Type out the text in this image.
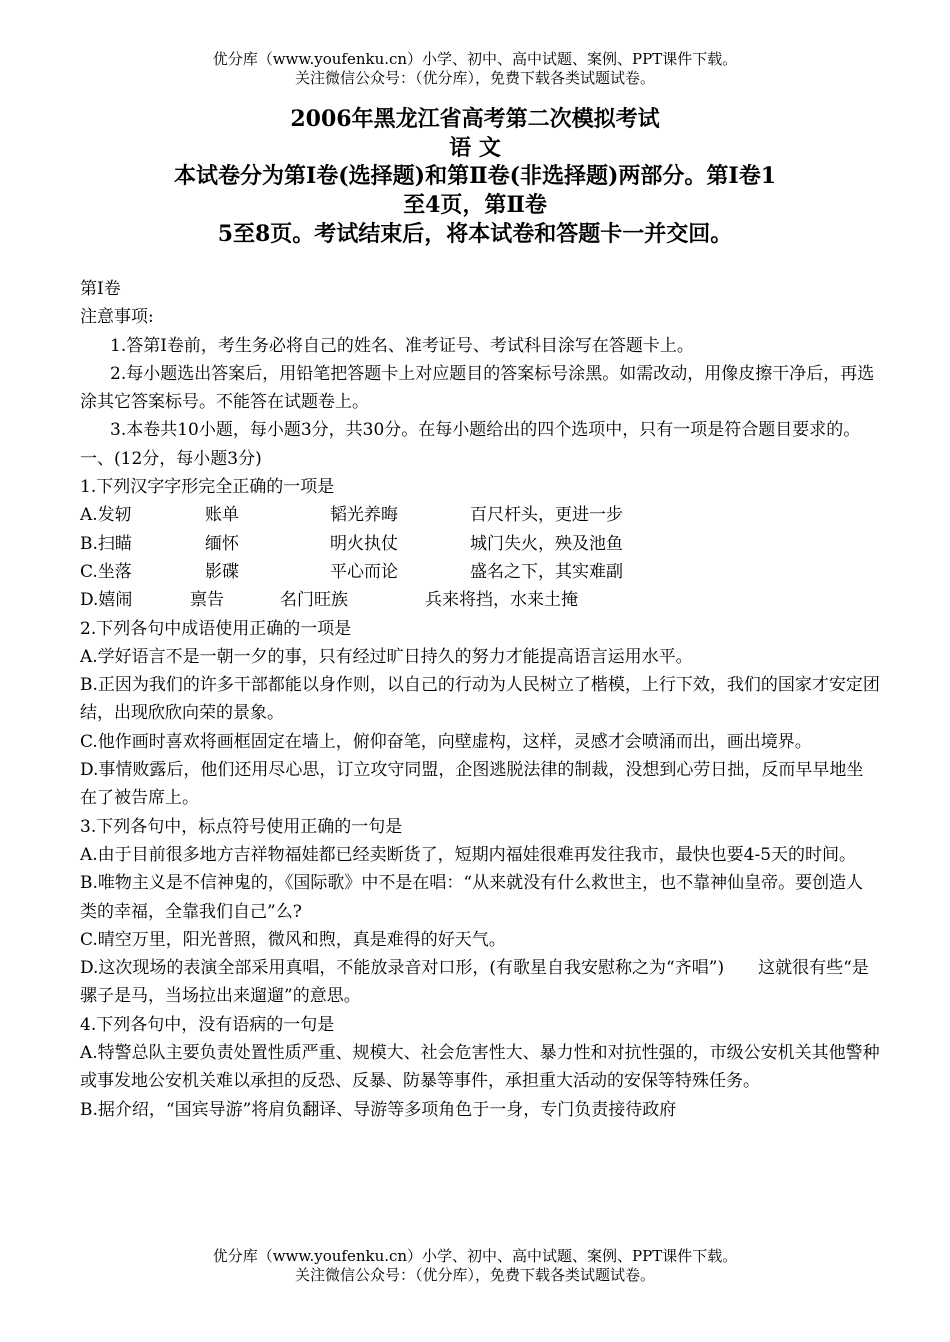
优分库（www.youfenku.cn）小学、初中、高中试题、案例、PPT课件下载。
关注微信公众号：（优分库），免费下载各类试题试卷。
2006年黑龙江省高考第二次模拟考试
语 文
本试卷分为第Ⅰ卷(选择题)和第Ⅱ卷(非选择题)两部分。第Ⅰ卷1
至4页，第Ⅱ卷
5至8页。考试结束后，将本试卷和答题卡一并交回。

第Ⅰ卷

注意事项:

1.答第Ⅰ卷前，考生务必将自己的姓名、准考证号、考试科目涂写在答题卡上。

2.每小题选出答案后，用铅笔把答题卡上对应题目的答案标号涂黑。如需改动，用像皮擦干净后，再选涂其它答案标号。不能答在试题卷上。

3.本卷共10小题，每小题3分，共30分。在每小题给出的四个选项中，只有一项是符合题目要求的。

一、(12分，每小题3分)

1.下列汉字字形完全正确的一项是

A.发轫	账单	韬光养晦	百尺杆头，更进一步

B.扫瞄	缅怀	明火执仗	城门失火，殃及池鱼

C.坐落	影碟	平心而论	盛名之下，其实难副

D.嬉闹	禀告	名门旺族	兵来将挡，水来土掩

2.下列各句中成语使用正确的一项是

A.学好语言不是一朝一夕的事，只有经过旷日持久的努力才能提高语言运用水平。

B.正因为我们的许多干部都能以身作则，以自己的行动为人民树立了楷模，上行下效，我们的国家才安定团结，出现欣欣向荣的景象。

C.他作画时喜欢将画框固定在墙上，俯仰奋笔，向壁虚构，这样，灵感才会喷涌而出，画出境界。

D.事情败露后，他们还用尽心思，订立攻守同盟，企图逃脱法律的制裁，没想到心劳日拙，反而早早地坐在了被告席上。

3.下列各句中，标点符号使用正确的一句是

A.由于目前很多地方吉祥物福娃都已经卖断货了，短期内福娃很难再发往我市，最快也要4-5天的时间。

B.唯物主义是不信神鬼的，《国际歌》中不是在唱：“从来就没有什么救世主，也不靠神仙皇帝。要创造人类的幸福，全靠我们自己”么?

C.晴空万里，阳光普照，微风和煦，真是难得的好天气。

D.这次现场的表演全部采用真唱，不能放录音对口形，(有歌星自我安慰称之为“齐唱”)　　这就很有些“是骡子是马，当场拉出来遛遛”的意思。

4.下列各句中，没有语病的一句是

A.特警总队主要负责处置性质严重、规模大、社会危害性大、暴力性和对抗性强的，市级公安机关其他警种或事发地公安机关难以承担的反恐、反暴、防暴等事件，承担重大活动的安保等特殊任务。

B.据介绍，“国宾导游”将肩负翻译、导游等多项角色于一身，专门负责接待政府

优分库（www.youfenku.cn）小学、初中、高中试题、案例、PPT课件下载。
关注微信公众号：（优分库），免费下载各类试题试卷。
